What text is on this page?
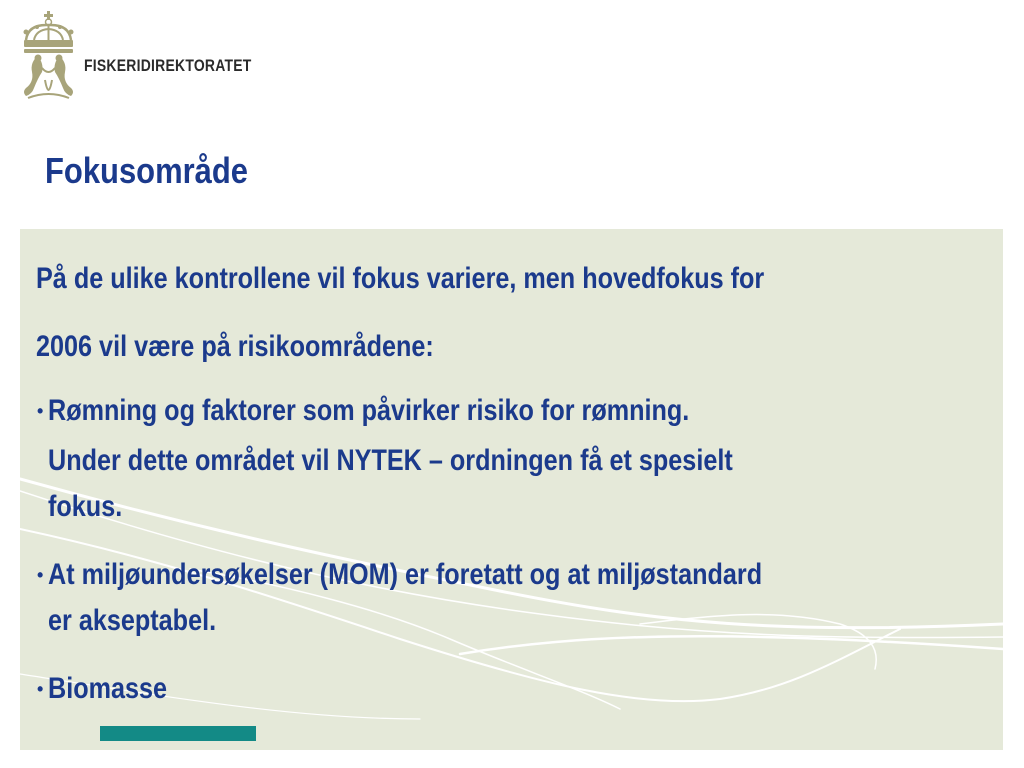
FISKERIDIREKTORATET
Fokusområde
På de ulike kontrollene vil fokus variere, men hovedfokus for
2006 vil være på risikoområdene:
• Rømning og faktorer som påvirker risiko for rømning.
Under dette området vil NYTEK – ordningen få et spesielt
fokus.
• At miljøundersøkelser (MOM) er foretatt og at miljøstandard
er akseptabel.
• Biomasse
